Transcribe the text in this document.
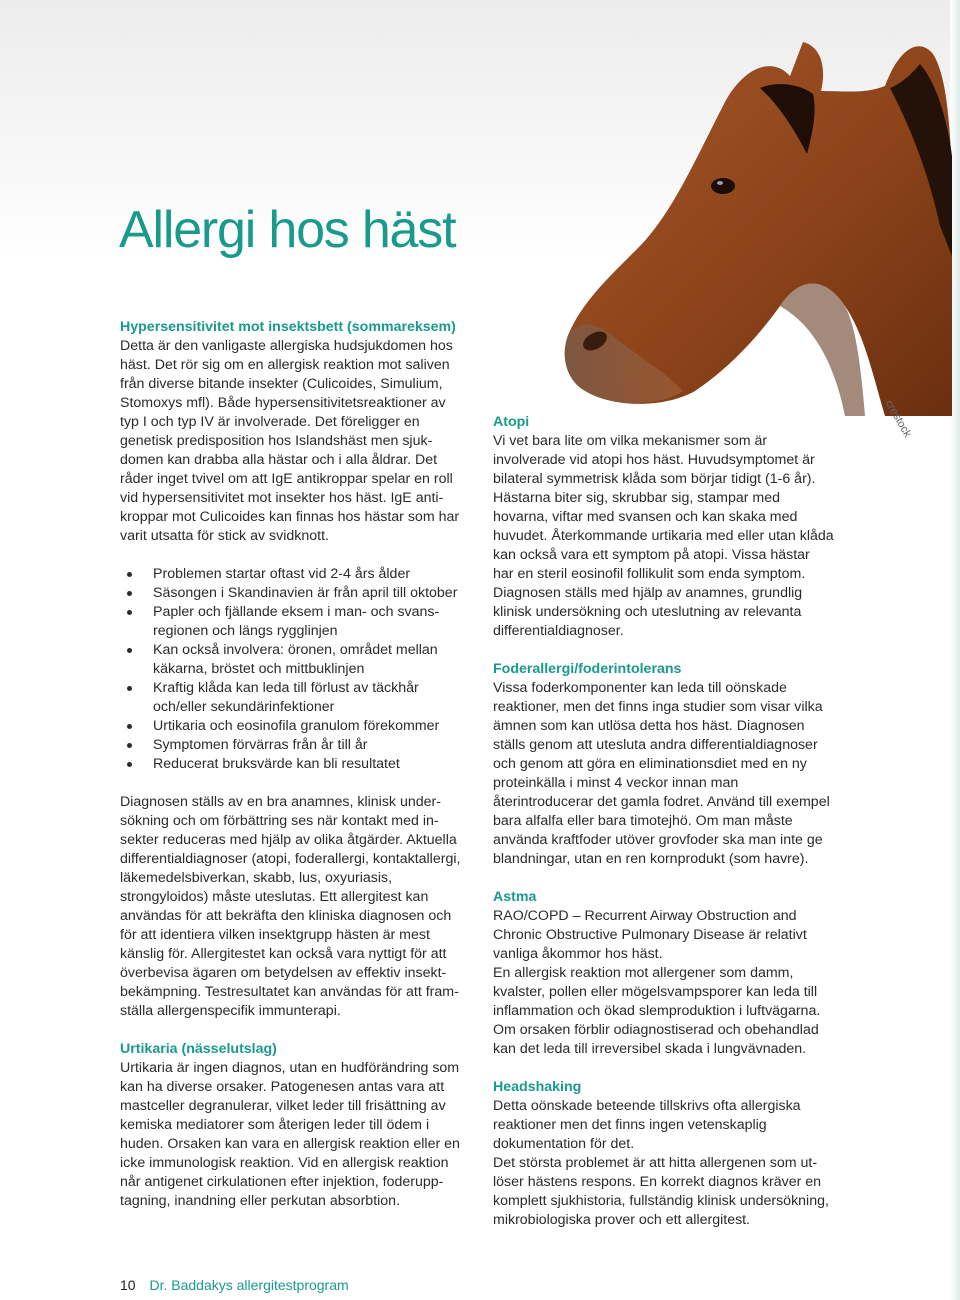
Allergi hos häst
crestock
Hypersensitivitet mot insektsbett (sommareksem)

Detta är den vanligaste allergiska hudsjukdomen hos
häst. Det rör sig om en allergisk reaktion mot saliven
från diverse bitande insekter (Culicoides, Simulium,
Stomoxys mfl). Både hypersensitivitetsreaktioner av
typ I och typ IV är involverade. Det föreligger en
genetisk predisposition hos Islandshäst men sjuk-
domen kan drabba alla hästar och i alla åldrar. Det
råder inget tvivel om att IgE antikroppar spelar en roll
vid hypersensitivitet mot insekter hos häst. IgE anti-
kroppar mot Culicoides kan finnas hos hästar som har
varit utsatta för stick av svidknott.

Problemen startar oftast vid 2-4 års ålder
Säsongen i Skandinavien är från april till oktober
Papler och fjällande eksem i man- och svans-
regionen och längs rygglinjen
Kan också involvera: öronen, området mellan
käkarna, bröstet och mittbuklinjen
Kraftig klåda kan leda till förlust av täckhår
och/eller sekundärinfektioner
Urtikaria och eosinofila granulom förekommer
Symptomen förvärras från år till år
Reducerat bruksvärde kan bli resultatet

Diagnosen ställs av en bra anamnes, klinisk under-
sökning och om förbättring ses när kontakt med in-
sekter reduceras med hjälp av olika åtgärder. Aktuella
differentialdiagnoser (atopi, foderallergi, kontaktallergi,
läkemedelsbiverkan, skabb, lus, oxyuriasis,
strongyloidos) måste uteslutas. Ett allergitest kan
användas för att bekräfta den kliniska diagnosen och
för att identiera vilken insektgrupp hästen är mest
känslig för. Allergitestet kan också vara nyttigt för att
överbevisa ägaren om betydelsen av effektiv insekt-
bekämpning. Testresultatet kan användas för att fram-
ställa allergenspecifik immunterapi.

Urtikaria (nässelutslag)

Urtikaria är ingen diagnos, utan en hudförändring som
kan ha diverse orsaker. Patogenesen antas vara att
mastceller degranulerar, vilket leder till frisättning av
kemiska mediatorer som återigen leder till ödem i
huden. Orsaken kan vara en allergisk reaktion eller en
icke immunologisk reaktion. Vid en allergisk reaktion
når antigenet cirkulationen efter injektion, foderupp-
tagning, inandning eller perkutan absorbtion.

Atopi

Vi vet bara lite om vilka mekanismer som är
involverade vid atopi hos häst. Huvudsymptomet är
bilateral symmetrisk klåda som börjar tidigt (1-6 år).
Hästarna biter sig, skrubbar sig, stampar med
hovarna, viftar med svansen och kan skaka med
huvudet. Återkommande urtikaria med eller utan klåda
kan också vara ett symptom på atopi. Vissa hästar
har en steril eosinofil follikulit som enda symptom.
Diagnosen ställs med hjälp av anamnes, grundlig
klinisk undersökning och uteslutning av relevanta
differentialdiagnoser.

Foderallergi/foderintolerans

Vissa foderkomponenter kan leda till oönskade
reaktioner, men det finns inga studier som visar vilka
ämnen som kan utlösa detta hos häst. Diagnosen
ställs genom att utesluta andra differentialdiagnoser
och genom att göra en eliminationsdiet med en ny
proteinkälla i minst 4 veckor innan man
återintroducerar det gamla fodret. Använd till exempel
bara alfalfa eller bara timotejhö. Om man måste
använda kraftfoder utöver grovfoder ska man inte ge
blandningar, utan en ren kornprodukt (som havre).

Astma

RAO/COPD – Recurrent Airway Obstruction and
Chronic Obstructive Pulmonary Disease är relativt
vanliga åkommor hos häst.
En allergisk reaktion mot allergener som damm,
kvalster, pollen eller mögelsvampsporer kan leda till
inflammation och ökad slemproduktion i luftvägarna.
Om orsaken förblir odiagnostiserad och obehandlad
kan det leda till irreversibel skada i lungvävnaden.

Headshaking

Detta oönskade beteende tillskrivs ofta allergiska
reaktioner men det finns ingen vetenskaplig
dokumentation för det.
Det största problemet är att hitta allergenen som ut-
löser hästens respons. En korrekt diagnos kräver en
komplett sjukhistoria, fullständig klinisk undersökning,
mikrobiologiska prover och ett allergitest.

10 Dr. Baddakys allergitestprogram
